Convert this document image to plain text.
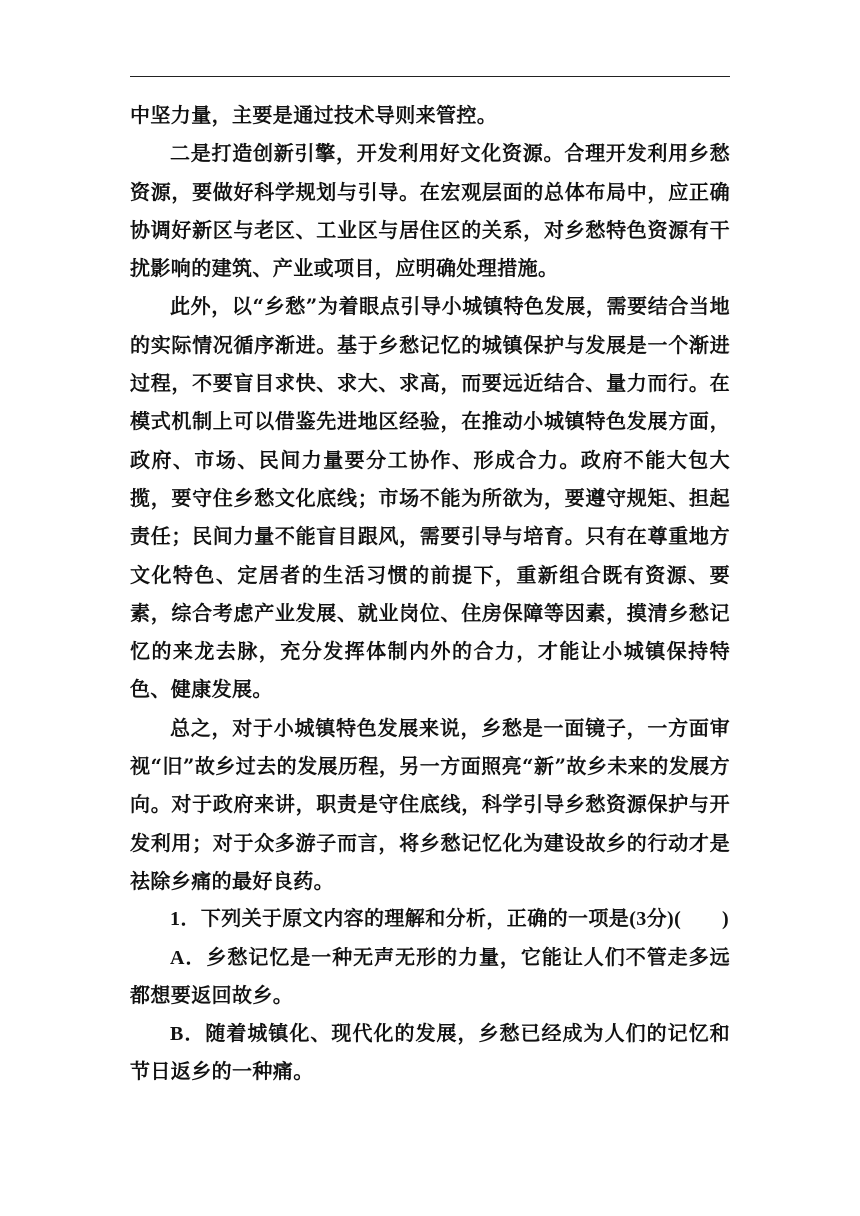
中坚力量，主要是通过技术导则来管控。

二是打造创新引擎，开发利用好文化资源。合理开发利用乡愁资源，要做好科学规划与引导。在宏观层面的总体布局中，应正确协调好新区与老区、工业区与居住区的关系，对乡愁特色资源有干扰影响的建筑、产业或项目，应明确处理措施。

此外，以“乡愁”为着眼点引导小城镇特色发展，需要结合当地的实际情况循序渐进。基于乡愁记忆的城镇保护与发展是一个渐进过程，不要盲目求快、求大、求高，而要远近结合、量力而行。在模式机制上可以借鉴先进地区经验，在推动小城镇特色发展方面，政府、市场、民间力量要分工协作、形成合力。政府不能大包大揽，要守住乡愁文化底线；市场不能为所欲为，要遵守规矩、担起责任；民间力量不能盲目跟风，需要引导与培育。只有在尊重地方文化特色、定居者的生活习惯的前提下，重新组合既有资源、要素，综合考虑产业发展、就业岗位、住房保障等因素，摸清乡愁记忆的来龙去脉，充分发挥体制内外的合力，才能让小城镇保持特色、健康发展。

总之，对于小城镇特色发展来说，乡愁是一面镜子，一方面审视“旧”故乡过去的发展历程，另一方面照亮“新”故乡未来的发展方向。对于政府来讲，职责是守住底线，科学引导乡愁资源保护与开发利用；对于众多游子而言，将乡愁记忆化为建设故乡的行动才是祛除乡痛的最好良药。

1．下列关于原文内容的理解和分析，正确的一项是(3分)(　　)

A．乡愁记忆是一种无声无形的力量，它能让人们不管走多远都想要返回故乡。

B．随着城镇化、现代化的发展，乡愁已经成为人们的记忆和节日返乡的一种痛。
